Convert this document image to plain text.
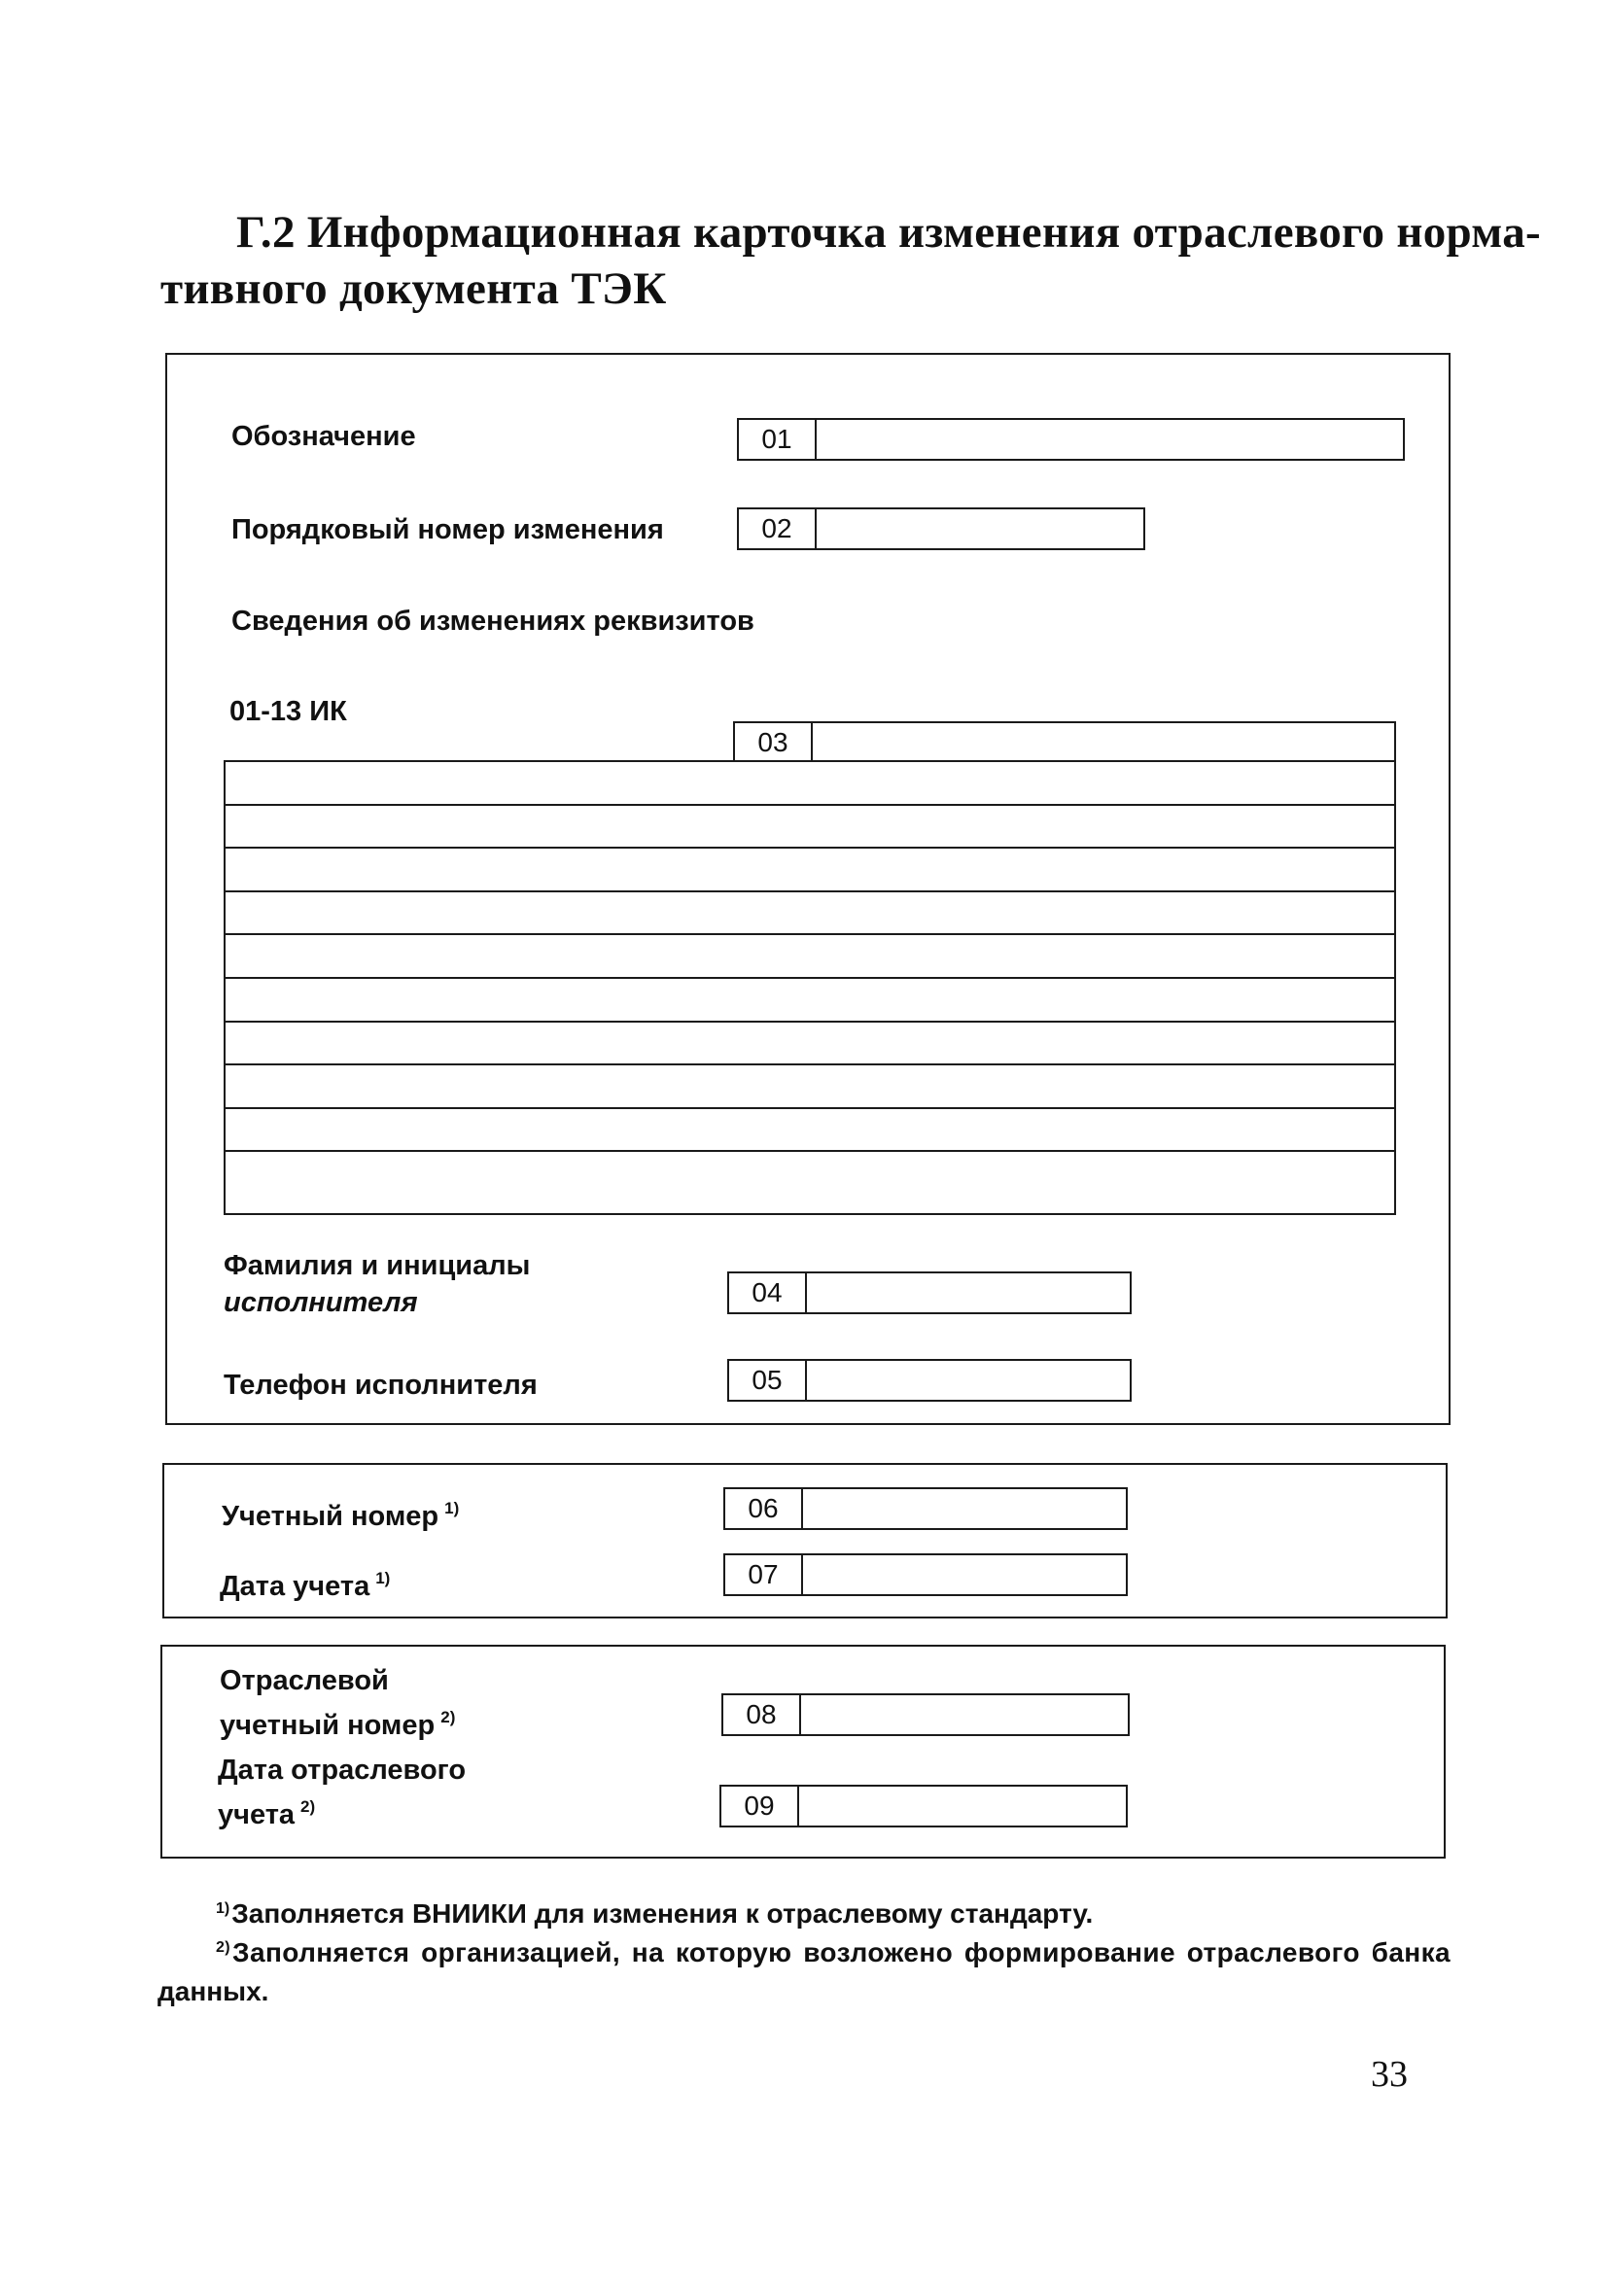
Г.2 Информационная карточка изменения отраслевого норма-
тивного документа ТЭК
Обозначение	01
Порядковый номер изменения	02
Сведения об изменениях реквизитов
01-13 ИК
03
Фамилия и инициалы
исполнителя	04
Телефон исполнителя	05
Учетный номер $^{1)}$	06
Дата учета $^{1)}$	07
Отраслевой
учетный номер $^{2)}$	08
Дата отраслевого
учета $^{2)}$	09
$^{1)}$Заполняется ВНИИКИ для изменения к отраслевому стандарту.
$^{2)}$Заполняется организацией, на которую возложено формирование отраслевого банка
данных.
33
